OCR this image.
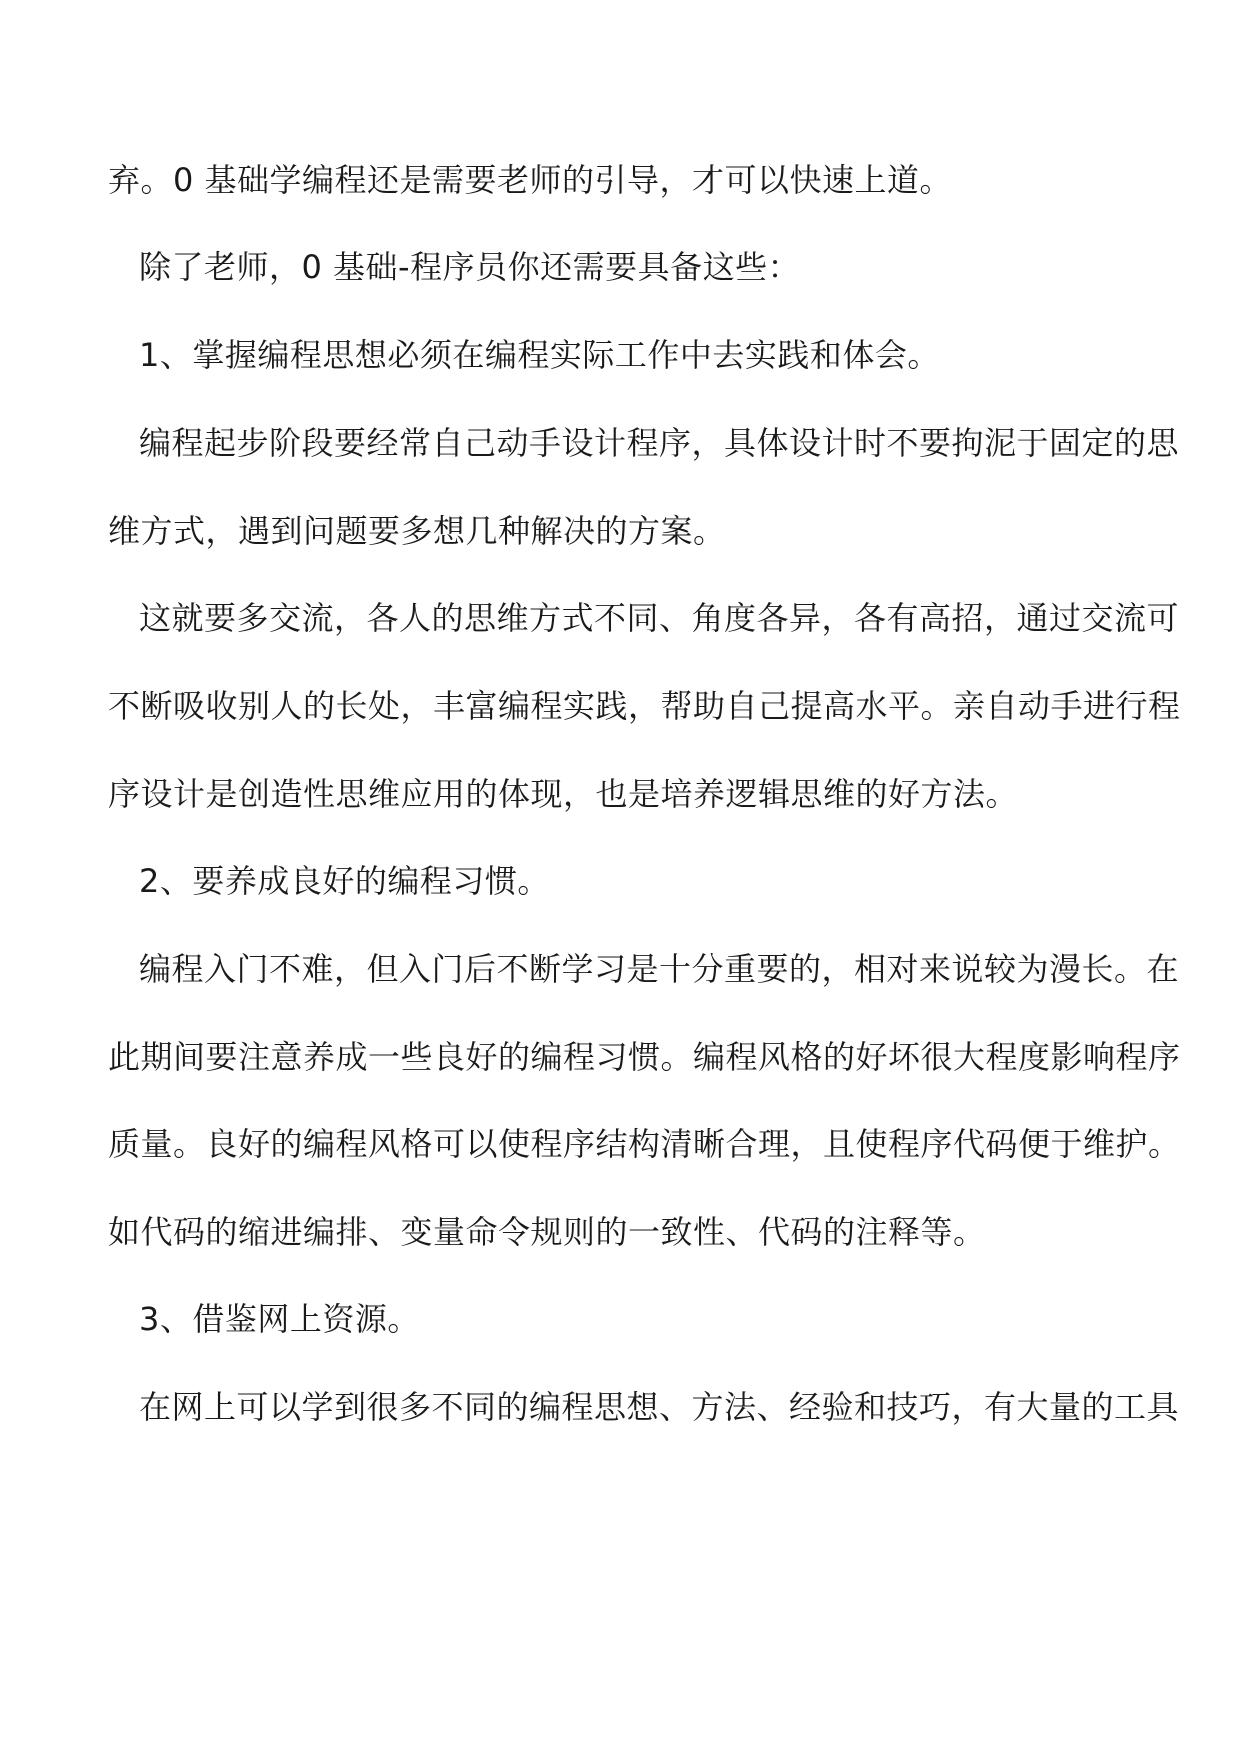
弃。0 基础学编程还是需要老师的引导，才可以快速上道。

除了老师，0 基础-程序员你还需要具备这些：

1、掌握编程思想必须在编程实际工作中去实践和体会。

编程起步阶段要经常自己动手设计程序，具体设计时不要拘泥于固定的思

维方式，遇到问题要多想几种解决的方案。

这就要多交流，各人的思维方式不同、角度各异，各有高招，通过交流可

不断吸收别人的长处，丰富编程实践，帮助自己提高水平。亲自动手进行程

序设计是创造性思维应用的体现，也是培养逻辑思维的好方法。

2、要养成良好的编程习惯。

编程入门不难，但入门后不断学习是十分重要的，相对来说较为漫长。在

此期间要注意养成一些良好的编程习惯。编程风格的好坏很大程度影响程序

质量。良好的编程风格可以使程序结构清晰合理，且使程序代码便于维护。

如代码的缩进编排、变量命令规则的一致性、代码的注释等。

3、借鉴网上资源。

在网上可以学到很多不同的编程思想、方法、经验和技巧，有大量的工具
